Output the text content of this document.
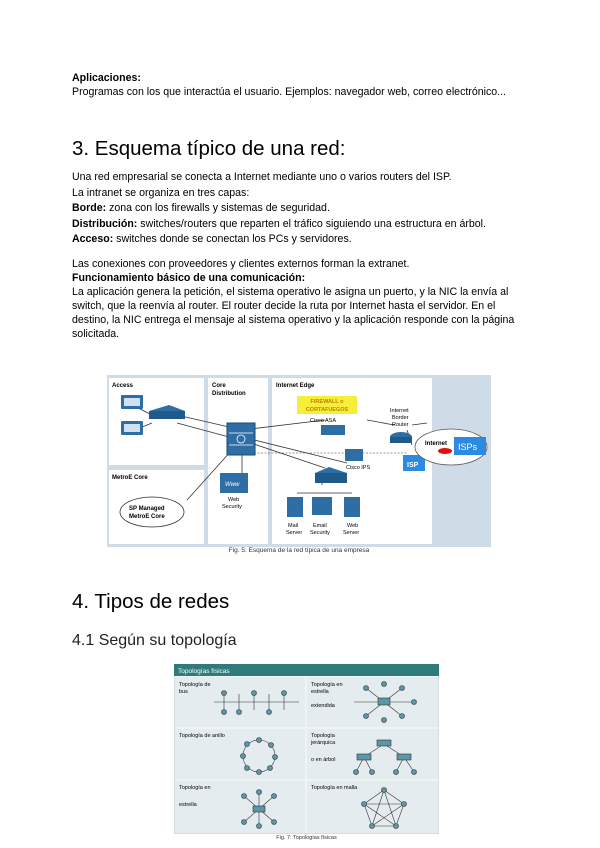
Aplicaciones:
Programas con los que interactúa el usuario. Ejemplos: navegador web, correo electrónico...
3. Esquema típico de una red:
Una red empresarial se conecta a Internet mediante uno o varios routers del ISP.
La intranet se organiza en tres capas:
Borde: zona con los firewalls y sistemas de seguridad.
Distribución: switches/routers que reparten el tráfico siguiendo una estructura en árbol.
Acceso: switches donde se conectan los PCs y servidores.
Las conexiones con proveedores y clientes externos forman la extranet.
Funcionamiento básico de una comunicación:
La aplicación genera la petición, el sistema operativo le asigna un puerto, y la NIC la envía al switch, que la reenvía al router. El router decide la ruta por Internet hasta el servidor. En el destino, la NIC entrega el mensaje al sistema operativo y la aplicación responde con la página solicitada.
Access	Core
Distribution
Internet Edge
MetroE Core
Www
Web
Security
SP Managed
MetroE Core
FIREWALL o
CORTAFUEGOS
Cisco ASA
Cisco IPS
Internet
Border
Router
ISP
Internet ISPs
Mail
Server
Email
Security
Web
Server
Fig. 5: Esquema de la red típica de una empresa
4. Tipos de redes
4.1 Según su topología
Topologías físicas
Topología de
bus
Topología en
estrella
extendida
Topología de anillo	Topología
jerárquica
o en árbol
Topología en
estrella
Topología en malla
Fig. 7: Topologías físicas
